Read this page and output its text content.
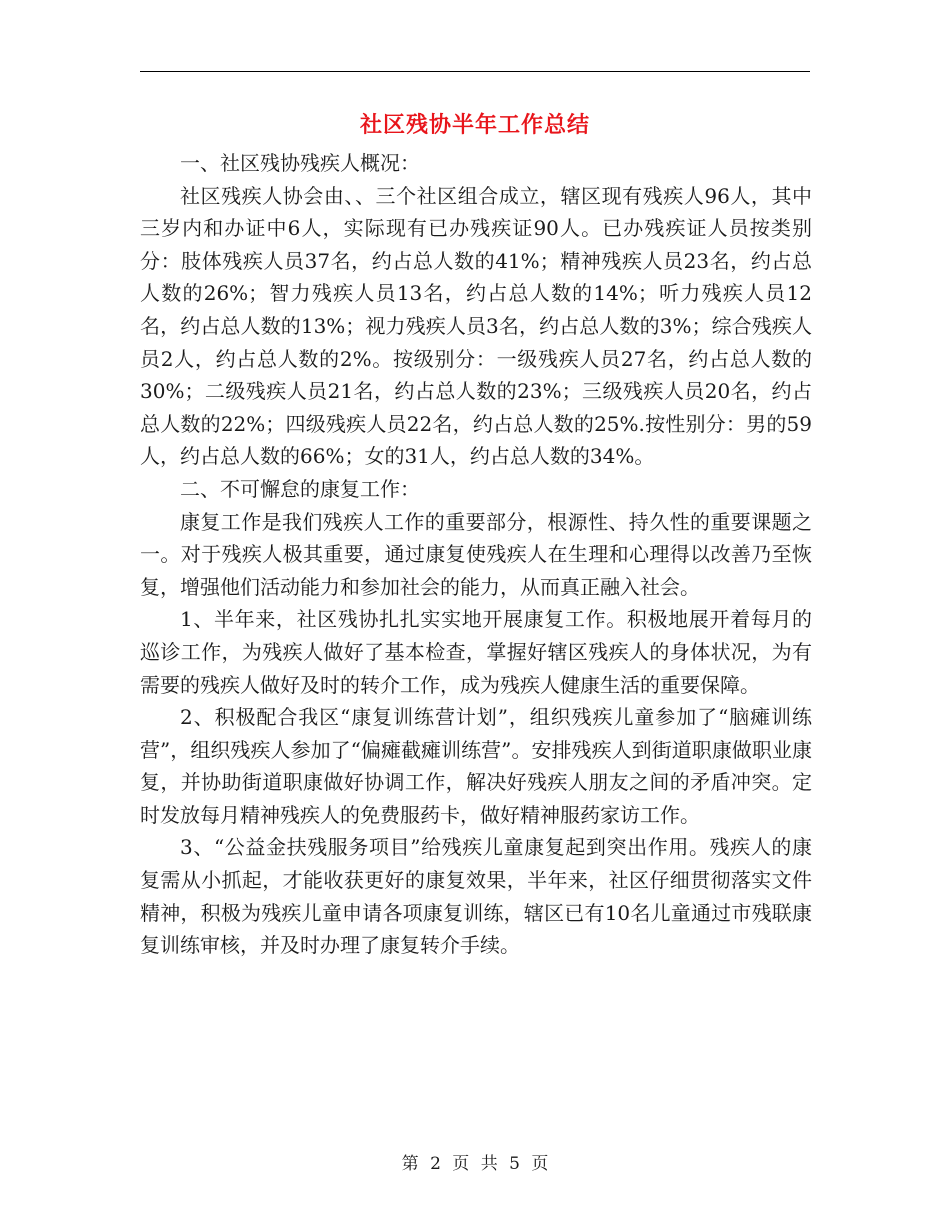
社区残协半年工作总结

一、社区残协残疾人概况：

社区残疾人协会由、、三个社区组合成立，辖区现有残疾人96人，其中三岁内和办证中6人，实际现有已办残疾证90人。已办残疾证人员按类别分：肢体残疾人员37名，约占总人数的41%；精神残疾人员23名，约占总人数的26%；智力残疾人员13名，约占总人数的14%；听力残疾人员12名，约占总人数的13%；视力残疾人员3名，约占总人数的3%；综合残疾人员2人，约占总人数的2%。按级别分：一级残疾人员27名，约占总人数的30%；二级残疾人员21名，约占总人数的23%；三级残疾人员20名，约占总人数的22%；四级残疾人员22名，约占总人数的25%.按性别分：男的59人，约占总人数的66%；女的31人，约占总人数的34%。

二、不可懈怠的康复工作：

康复工作是我们残疾人工作的重要部分，根源性、持久性的重要课题之一。对于残疾人极其重要，通过康复使残疾人在生理和心理得以改善乃至恢复，增强他们活动能力和参加社会的能力，从而真正融入社会。

1、半年来，社区残协扎扎实实地开展康复工作。积极地展开着每月的巡诊工作，为残疾人做好了基本检查，掌握好辖区残疾人的身体状况，为有需要的残疾人做好及时的转介工作，成为残疾人健康生活的重要保障。

2、积极配合我区“康复训练营计划”，组织残疾儿童参加了“脑瘫训练营”，组织残疾人参加了“偏瘫截瘫训练营”。安排残疾人到街道职康做职业康复，并协助街道职康做好协调工作，解决好残疾人朋友之间的矛盾冲突。定时发放每月精神残疾人的免费服药卡，做好精神服药家访工作。

3、“公益金扶残服务项目”给残疾儿童康复起到突出作用。残疾人的康复需从小抓起，才能收获更好的康复效果，半年来，社区仔细贯彻落实文件精神，积极为残疾儿童申请各项康复训练，辖区已有10名儿童通过市残联康复训练审核，并及时办理了康复转介手续。

第 2 页 共 5 页
